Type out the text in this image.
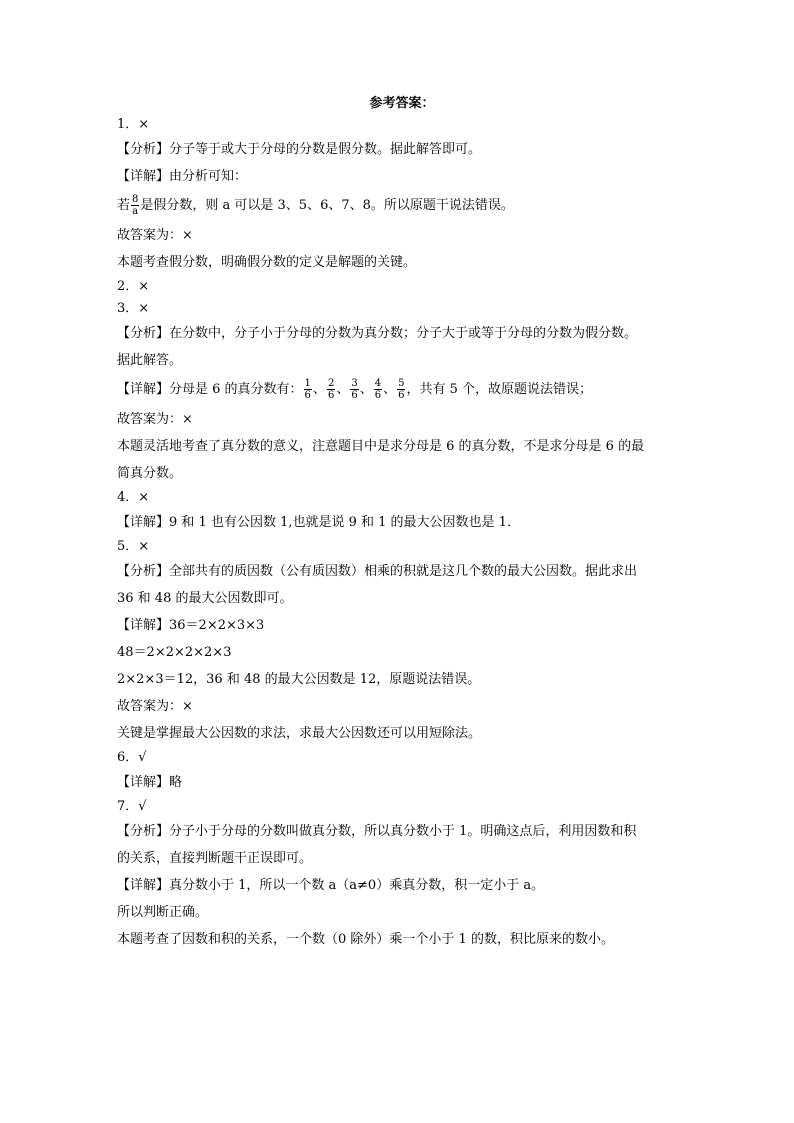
参考答案：
1．×
【分析】分子等于或大于分母的分数是假分数。据此解答即可。
【详解】由分析可知：
若 $\frac{8}{a}$ 是假分数，则 a 可以是 3、5、6、7、8。所以原题干说法错误。
故答案为：×
本题考查假分数，明确假分数的定义是解题的关键。
2．×
3．×
【分析】在分数中，分子小于分母的分数为真分数；分子大于或等于分母的分数为假分数。
据此解答。
【详解】分母是 6 的真分数有： $\frac{1}{6}$ 、 $\frac{2}{6}$ 、 $\frac{3}{6}$ 、 $\frac{4}{6}$ 、 $\frac{5}{6}$ ，共有 5 个，故原题说法错误；
故答案为：×
本题灵活地考查了真分数的意义，注意题目中是求分母是 6 的真分数，不是求分母是 6 的最
简真分数。
4．×
【详解】9 和 1 也有公因数 1,也就是说 9 和 1 的最大公因数也是 1．
5．×
【分析】全部共有的质因数（公有质因数）相乘的积就是这几个数的最大公因数。据此求出
36 和 48 的最大公因数即可。
【详解】36＝2×2×3×3
48＝2×2×2×2×3
2×2×3＝12，36 和 48 的最大公因数是 12，原题说法错误。
故答案为：×
关键是掌握最大公因数的求法，求最大公因数还可以用短除法。
6．√
【详解】略
7．√
【分析】分子小于分母的分数叫做真分数，所以真分数小于 1。明确这点后，利用因数和积
的关系，直接判断题干正误即可。
【详解】真分数小于 1，所以一个数 a（a≠0）乘真分数，积一定小于 a。
所以判断正确。
本题考查了因数和积的关系，一个数（0 除外）乘一个小于 1 的数，积比原来的数小。
